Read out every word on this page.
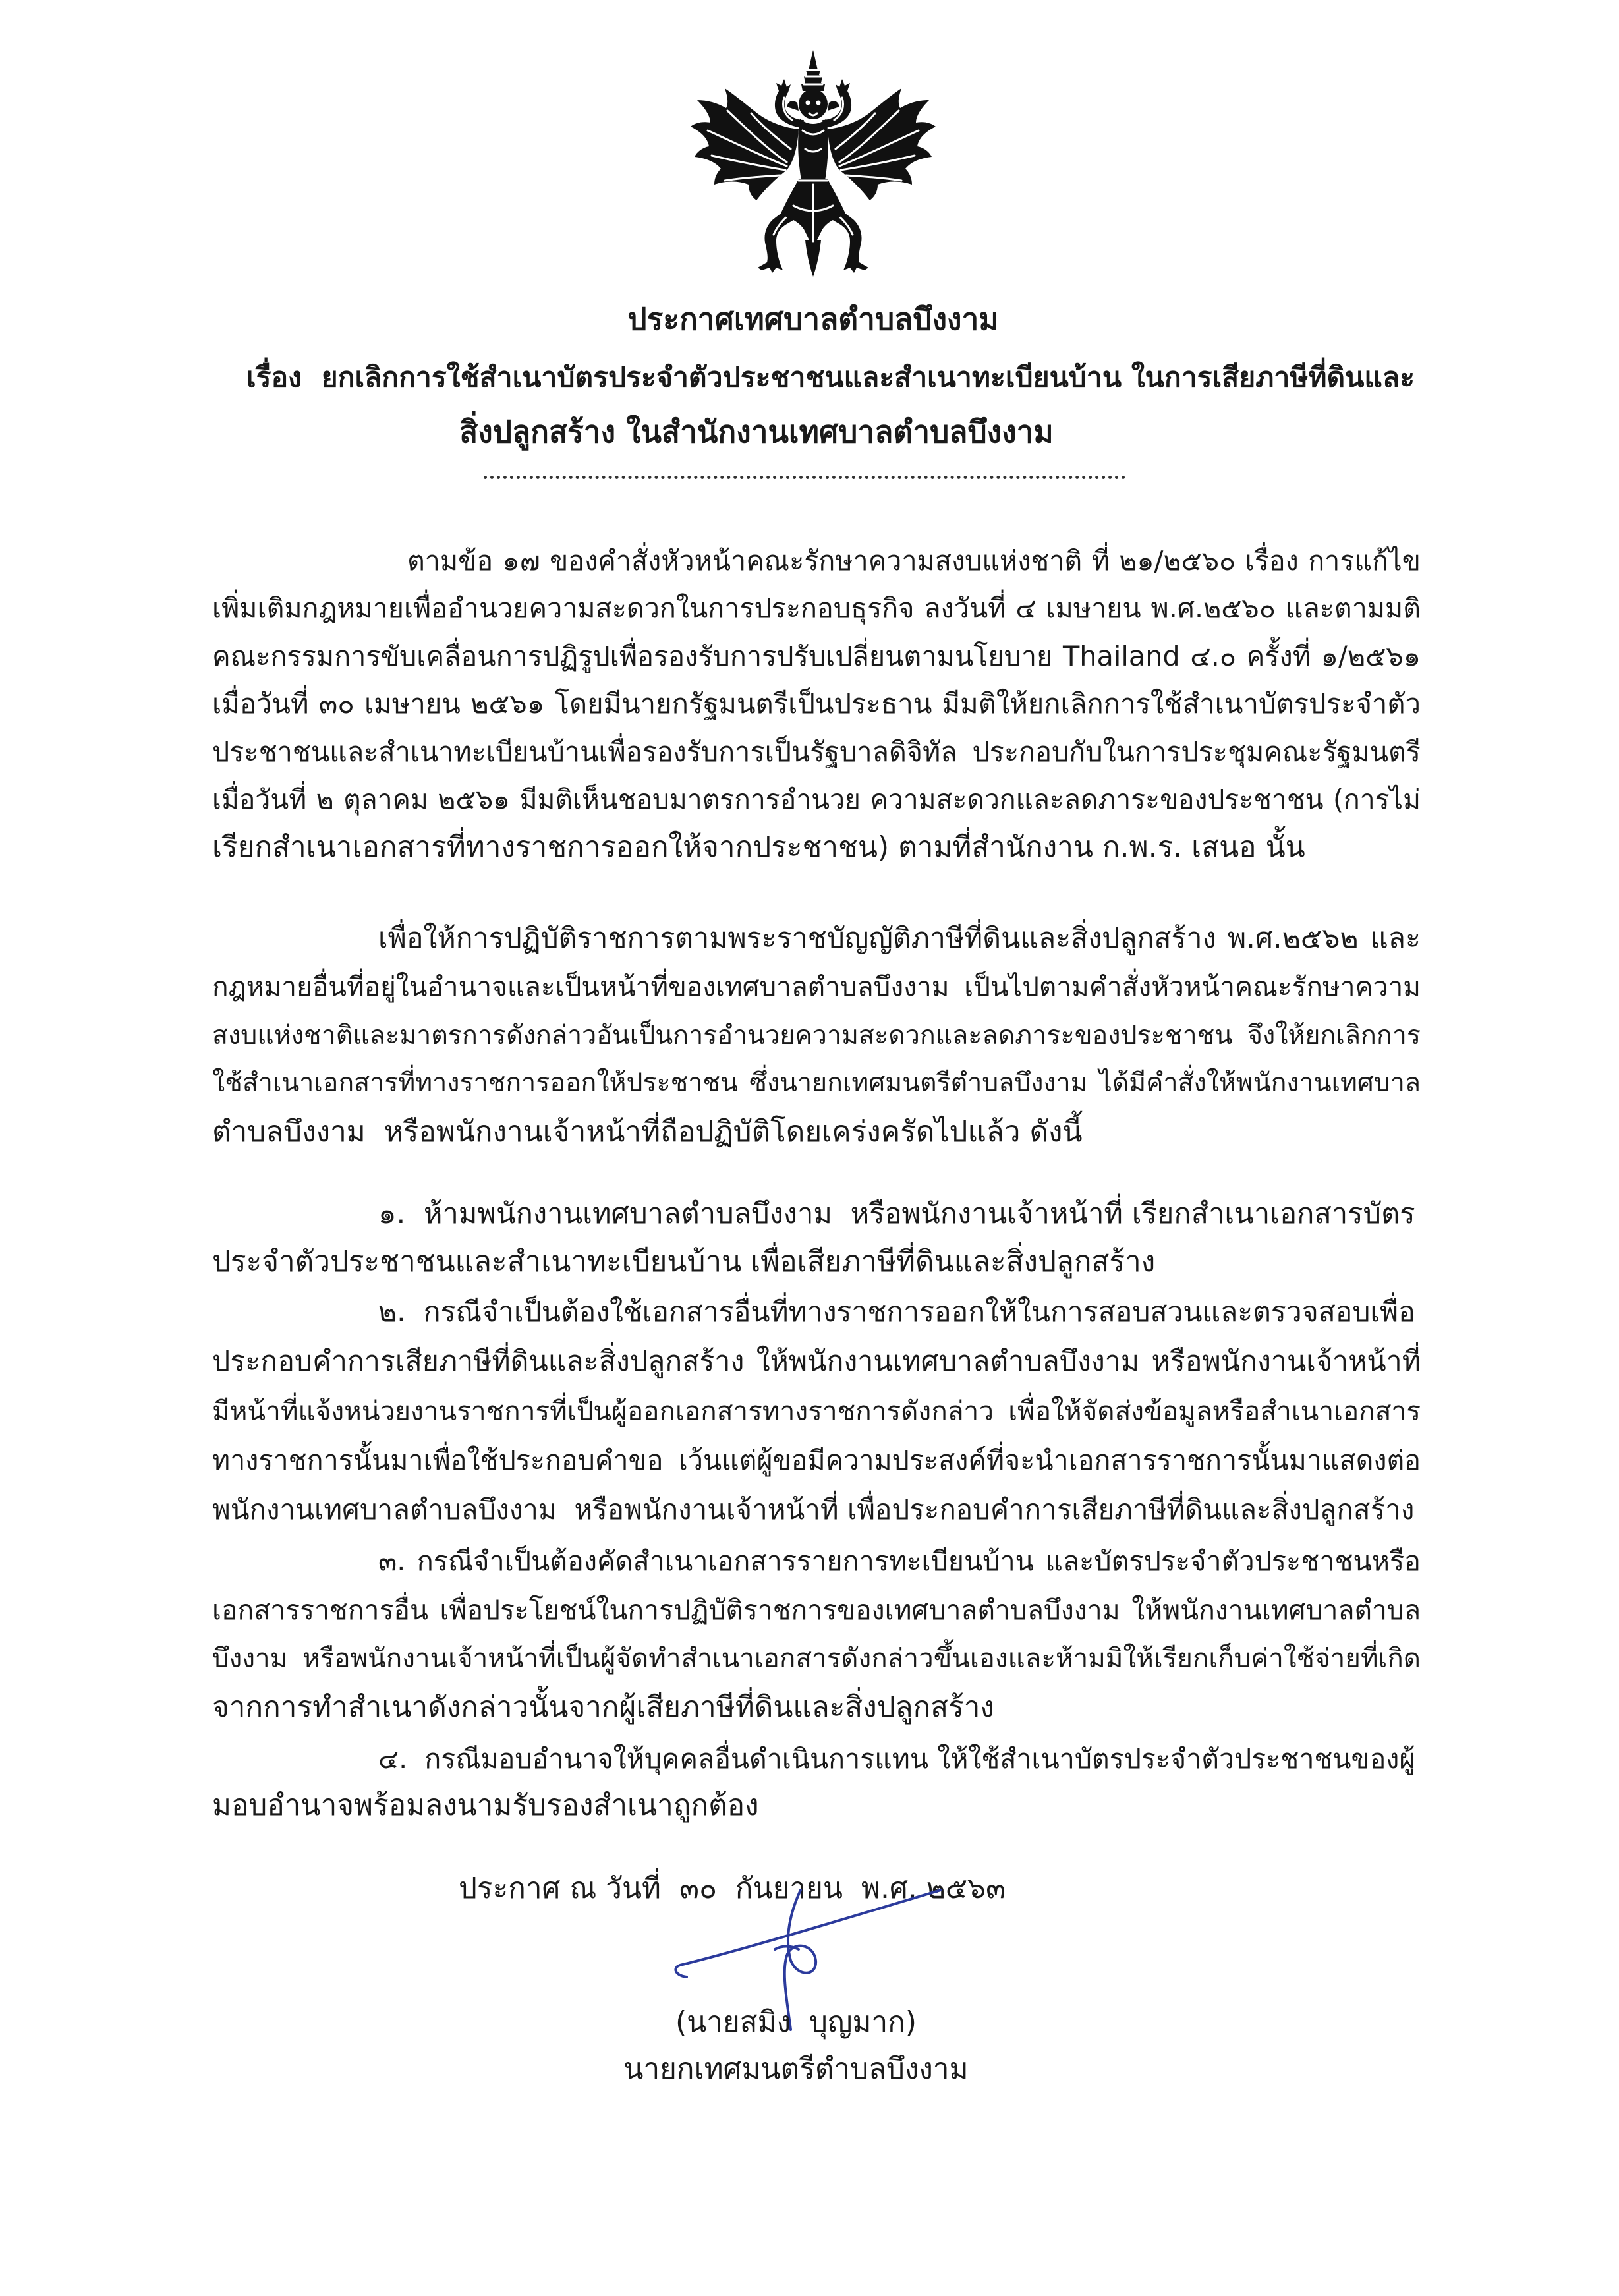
ประกาศเทศบาลตำบลบึงงาม
เรื่อง  ยกเลิกการใช้สำเนาบัตรประจำตัวประชาชนและสำเนาทะเบียนบ้าน ในการเสียภาษีที่ดินและ
สิ่งปลูกสร้าง ในสำนักงานเทศบาลตำบลบึงงาม
ตามข้อ ๑๗ ของคำสั่งหัวหน้าคณะรักษาความสงบแห่งชาติ ที่ ๒๑/๒๕๖๐ เรื่อง การแก้ไข
เพิ่มเติมกฎหมายเพื่ออำนวยความสะดวกในการประกอบธุรกิจ ลงวันที่ ๔ เมษายน พ.ศ.๒๕๖๐ และตามมติ
คณะกรรมการขับเคลื่อนการปฏิรูปเพื่อรองรับการปรับเปลี่ยนตามนโยบาย Thailand ๔.๐ ครั้งที่ ๑/๒๕๖๑
เมื่อวันที่ ๓๐ เมษายน ๒๕๖๑ โดยมีนายกรัฐมนตรีเป็นประธาน มีมติให้ยกเลิกการใช้สำเนาบัตรประจำตัว
ประชาชนและสำเนาทะเบียนบ้านเพื่อรองรับการเป็นรัฐบาลดิจิทัล ประกอบกับในการประชุมคณะรัฐมนตรี
เมื่อวันที่ ๒ ตุลาคม ๒๕๖๑ มีมติเห็นชอบมาตรการอำนวย ความสะดวกและลดภาระของประชาชน (การไม่
เรียกสำเนาเอกสารที่ทางราชการออกให้จากประชาชน) ตามที่สำนักงาน ก.พ.ร. เสนอ นั้น
เพื่อให้การปฏิบัติราชการตามพระราชบัญญัติภาษีที่ดินและสิ่งปลูกสร้าง พ.ศ.๒๕๖๒ และ
กฎหมายอื่นที่อยู่ในอำนาจและเป็นหน้าที่ของเทศบาลตำบลบึงงาม เป็นไปตามคำสั่งหัวหน้าคณะรักษาความ
สงบแห่งชาติและมาตรการดังกล่าวอันเป็นการอำนวยความสะดวกและลดภาระของประชาชน จึงให้ยกเลิกการ
ใช้สำเนาเอกสารที่ทางราชการออกให้ประชาชน ซึ่งนายกเทศมนตรีตำบลบึงงาม ได้มีคำสั่งให้พนักงานเทศบาล
ตำบลบึงงาม  หรือพนักงานเจ้าหน้าที่ถือปฏิบัติโดยเคร่งครัดไปแล้ว ดังนี้
๑.  ห้ามพนักงานเทศบาลตำบลบึงงาม  หรือพนักงานเจ้าหน้าที่ เรียกสำเนาเอกสารบัตร
ประจำตัวประชาชนและสำเนาทะเบียนบ้าน เพื่อเสียภาษีที่ดินและสิ่งปลูกสร้าง
๒.  กรณีจำเป็นต้องใช้เอกสารอื่นที่ทางราชการออกให้ในการสอบสวนและตรวจสอบเพื่อ
ประกอบคำการเสียภาษีที่ดินและสิ่งปลูกสร้าง ให้พนักงานเทศบาลตำบลบึงงาม หรือพนักงานเจ้าหน้าที่
มีหน้าที่แจ้งหน่วยงานราชการที่เป็นผู้ออกเอกสารทางราชการดังกล่าว เพื่อให้จัดส่งข้อมูลหรือสำเนาเอกสาร
ทางราชการนั้นมาเพื่อใช้ประกอบคำขอ เว้นแต่ผู้ขอมีความประสงค์ที่จะนำเอกสารราชการนั้นมาแสดงต่อ
พนักงานเทศบาลตำบลบึงงาม  หรือพนักงานเจ้าหน้าที่ เพื่อประกอบคำการเสียภาษีที่ดินและสิ่งปลูกสร้าง
๓. กรณีจำเป็นต้องคัดสำเนาเอกสารรายการทะเบียนบ้าน และบัตรประจำตัวประชาชนหรือ
เอกสารราชการอื่น เพื่อประโยชน์ในการปฏิบัติราชการของเทศบาลตำบลบึงงาม ให้พนักงานเทศบาลตำบล
บึงงาม หรือพนักงานเจ้าหน้าที่เป็นผู้จัดทำสำเนาเอกสารดังกล่าวขึ้นเองและห้ามมิให้เรียกเก็บค่าใช้จ่ายที่เกิด
จากการทำสำเนาดังกล่าวนั้นจากผู้เสียภาษีที่ดินและสิ่งปลูกสร้าง
๔.  กรณีมอบอำนาจให้บุคคลอื่นดำเนินการแทน ให้ใช้สำเนาบัตรประจำตัวประชาชนของผู้
มอบอำนาจพร้อมลงนามรับรองสำเนาถูกต้อง
ประกาศ ณ วันที่  ๓๐  กันยายน  พ.ศ. ๒๕๖๓
(นายสมิง  บุญมาก)
นายกเทศมนตรีตำบลบึงงาม
